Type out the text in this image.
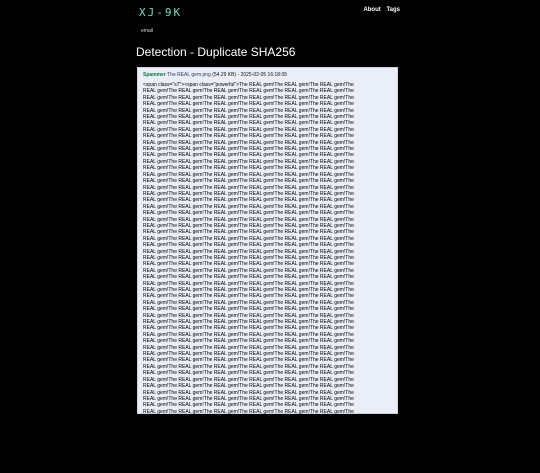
XJ-9K	About Tags
email
Detection - Duplicate SHA256
Spammer The REAL gem.png (54.29 KB) - 2025-02-05 16:18:05
<span class="s7"><span class="powerful">The REAL gem!The REAL gem!The REAL gem!The
REAL gem!The REAL gem!The REAL gem!The REAL gem!The REAL gem!The REAL gem!The
REAL gem!The REAL gem!The REAL gem!The REAL gem!The REAL gem!The REAL gem!The
REAL gem!The REAL gem!The REAL gem!The REAL gem!The REAL gem!The REAL gem!The
REAL gem!The REAL gem!The REAL gem!The REAL gem!The REAL gem!The REAL gem!The
REAL gem!The REAL gem!The REAL gem!The REAL gem!The REAL gem!The REAL gem!The
REAL gem!The REAL gem!The REAL gem!The REAL gem!The REAL gem!The REAL gem!The
REAL gem!The REAL gem!The REAL gem!The REAL gem!The REAL gem!The REAL gem!The
REAL gem!The REAL gem!The REAL gem!The REAL gem!The REAL gem!The REAL gem!The
REAL gem!The REAL gem!The REAL gem!The REAL gem!The REAL gem!The REAL gem!The
REAL gem!The REAL gem!The REAL gem!The REAL gem!The REAL gem!The REAL gem!The
REAL gem!The REAL gem!The REAL gem!The REAL gem!The REAL gem!The REAL gem!The
REAL gem!The REAL gem!The REAL gem!The REAL gem!The REAL gem!The REAL gem!The
REAL gem!The REAL gem!The REAL gem!The REAL gem!The REAL gem!The REAL gem!The
REAL gem!The REAL gem!The REAL gem!The REAL gem!The REAL gem!The REAL gem!The
REAL gem!The REAL gem!The REAL gem!The REAL gem!The REAL gem!The REAL gem!The
REAL gem!The REAL gem!The REAL gem!The REAL gem!The REAL gem!The REAL gem!The
REAL gem!The REAL gem!The REAL gem!The REAL gem!The REAL gem!The REAL gem!The
REAL gem!The REAL gem!The REAL gem!The REAL gem!The REAL gem!The REAL gem!The
REAL gem!The REAL gem!The REAL gem!The REAL gem!The REAL gem!The REAL gem!The
REAL gem!The REAL gem!The REAL gem!The REAL gem!The REAL gem!The REAL gem!The
REAL gem!The REAL gem!The REAL gem!The REAL gem!The REAL gem!The REAL gem!The
REAL gem!The REAL gem!The REAL gem!The REAL gem!The REAL gem!The REAL gem!The
REAL gem!The REAL gem!The REAL gem!The REAL gem!The REAL gem!The REAL gem!The
REAL gem!The REAL gem!The REAL gem!The REAL gem!The REAL gem!The REAL gem!The
REAL gem!The REAL gem!The REAL gem!The REAL gem!The REAL gem!The REAL gem!The
REAL gem!The REAL gem!The REAL gem!The REAL gem!The REAL gem!The REAL gem!The
REAL gem!The REAL gem!The REAL gem!The REAL gem!The REAL gem!The REAL gem!The
REAL gem!The REAL gem!The REAL gem!The REAL gem!The REAL gem!The REAL gem!The
REAL gem!The REAL gem!The REAL gem!The REAL gem!The REAL gem!The REAL gem!The
REAL gem!The REAL gem!The REAL gem!The REAL gem!The REAL gem!The REAL gem!The
REAL gem!The REAL gem!The REAL gem!The REAL gem!The REAL gem!The REAL gem!The
REAL gem!The REAL gem!The REAL gem!The REAL gem!The REAL gem!The REAL gem!The
REAL gem!The REAL gem!The REAL gem!The REAL gem!The REAL gem!The REAL gem!The
REAL gem!The REAL gem!The REAL gem!The REAL gem!The REAL gem!The REAL gem!The
REAL gem!The REAL gem!The REAL gem!The REAL gem!The REAL gem!The REAL gem!The
REAL gem!The REAL gem!The REAL gem!The REAL gem!The REAL gem!The REAL gem!The
REAL gem!The REAL gem!The REAL gem!The REAL gem!The REAL gem!The REAL gem!The
REAL gem!The REAL gem!The REAL gem!The REAL gem!The REAL gem!The REAL gem!The
REAL gem!The REAL gem!The REAL gem!The REAL gem!The REAL gem!The REAL gem!The
REAL gem!The REAL gem!The REAL gem!The REAL gem!The REAL gem!The REAL gem!The
REAL gem!The REAL gem!The REAL gem!The REAL gem!The REAL gem!The REAL gem!The
REAL gem!The REAL gem!The REAL gem!The REAL gem!The REAL gem!The REAL gem!The
REAL gem!The REAL gem!The REAL gem!The REAL gem!The REAL gem!The REAL gem!The
REAL gem!The REAL gem!The REAL gem!The REAL gem!The REAL gem!The REAL gem!The
REAL gem!The REAL gem!The REAL gem!The REAL gem!The REAL gem!The REAL gem!The
REAL gem!The REAL gem!The REAL gem!The REAL gem!The REAL gem!The REAL gem!The
REAL gem!The REAL gem!The REAL gem!The REAL gem!The REAL gem!The REAL gem!The
REAL gem!The REAL gem!The REAL gem!The REAL gem!The REAL gem!The REAL gem!The
REAL gem!The REAL gem!The REAL gem!The REAL gem!The REAL gem!The REAL gem!The
REAL gem!The REAL gem!The REAL gem!The REAL gem!The REAL gem!The REAL gem!The
REAL gem!The REAL gem!The REAL gem!The REAL gem!The REAL gem!The REAL gem!The
REAL gem!The REAL gem!The REAL gem!The REAL gem!The REAL gem!The REAL gem!The
REAL gem!The REAL gem!The REAL gem!The REAL gem!The REAL gem!The REAL gem!The
REAL gem!The REAL gem!The REAL gem!The REAL gem!The REAL gem!The REAL gem!The
REAL gem!The REAL gem!The REAL gem!The REAL gem!The REAL gem!The REAL gem!The
REAL gem!The REAL gem!The REAL gem!The REAL gem!The REAL gem!The REAL gem!The
REAL gem!The REAL gem!The REAL gem!The REAL gem!The REAL gem!The REAL gem!The
REAL gem!The REAL gem!The REAL gem!The REAL gem!The REAL gem!The REAL gem!The
REAL gem!The REAL gem!The REAL gem!The REAL gem!The REAL gem!The REAL gem!The
REAL gem!The REAL gem!The REAL gem!The REAL gem!The REAL gem!The REAL gem!The
